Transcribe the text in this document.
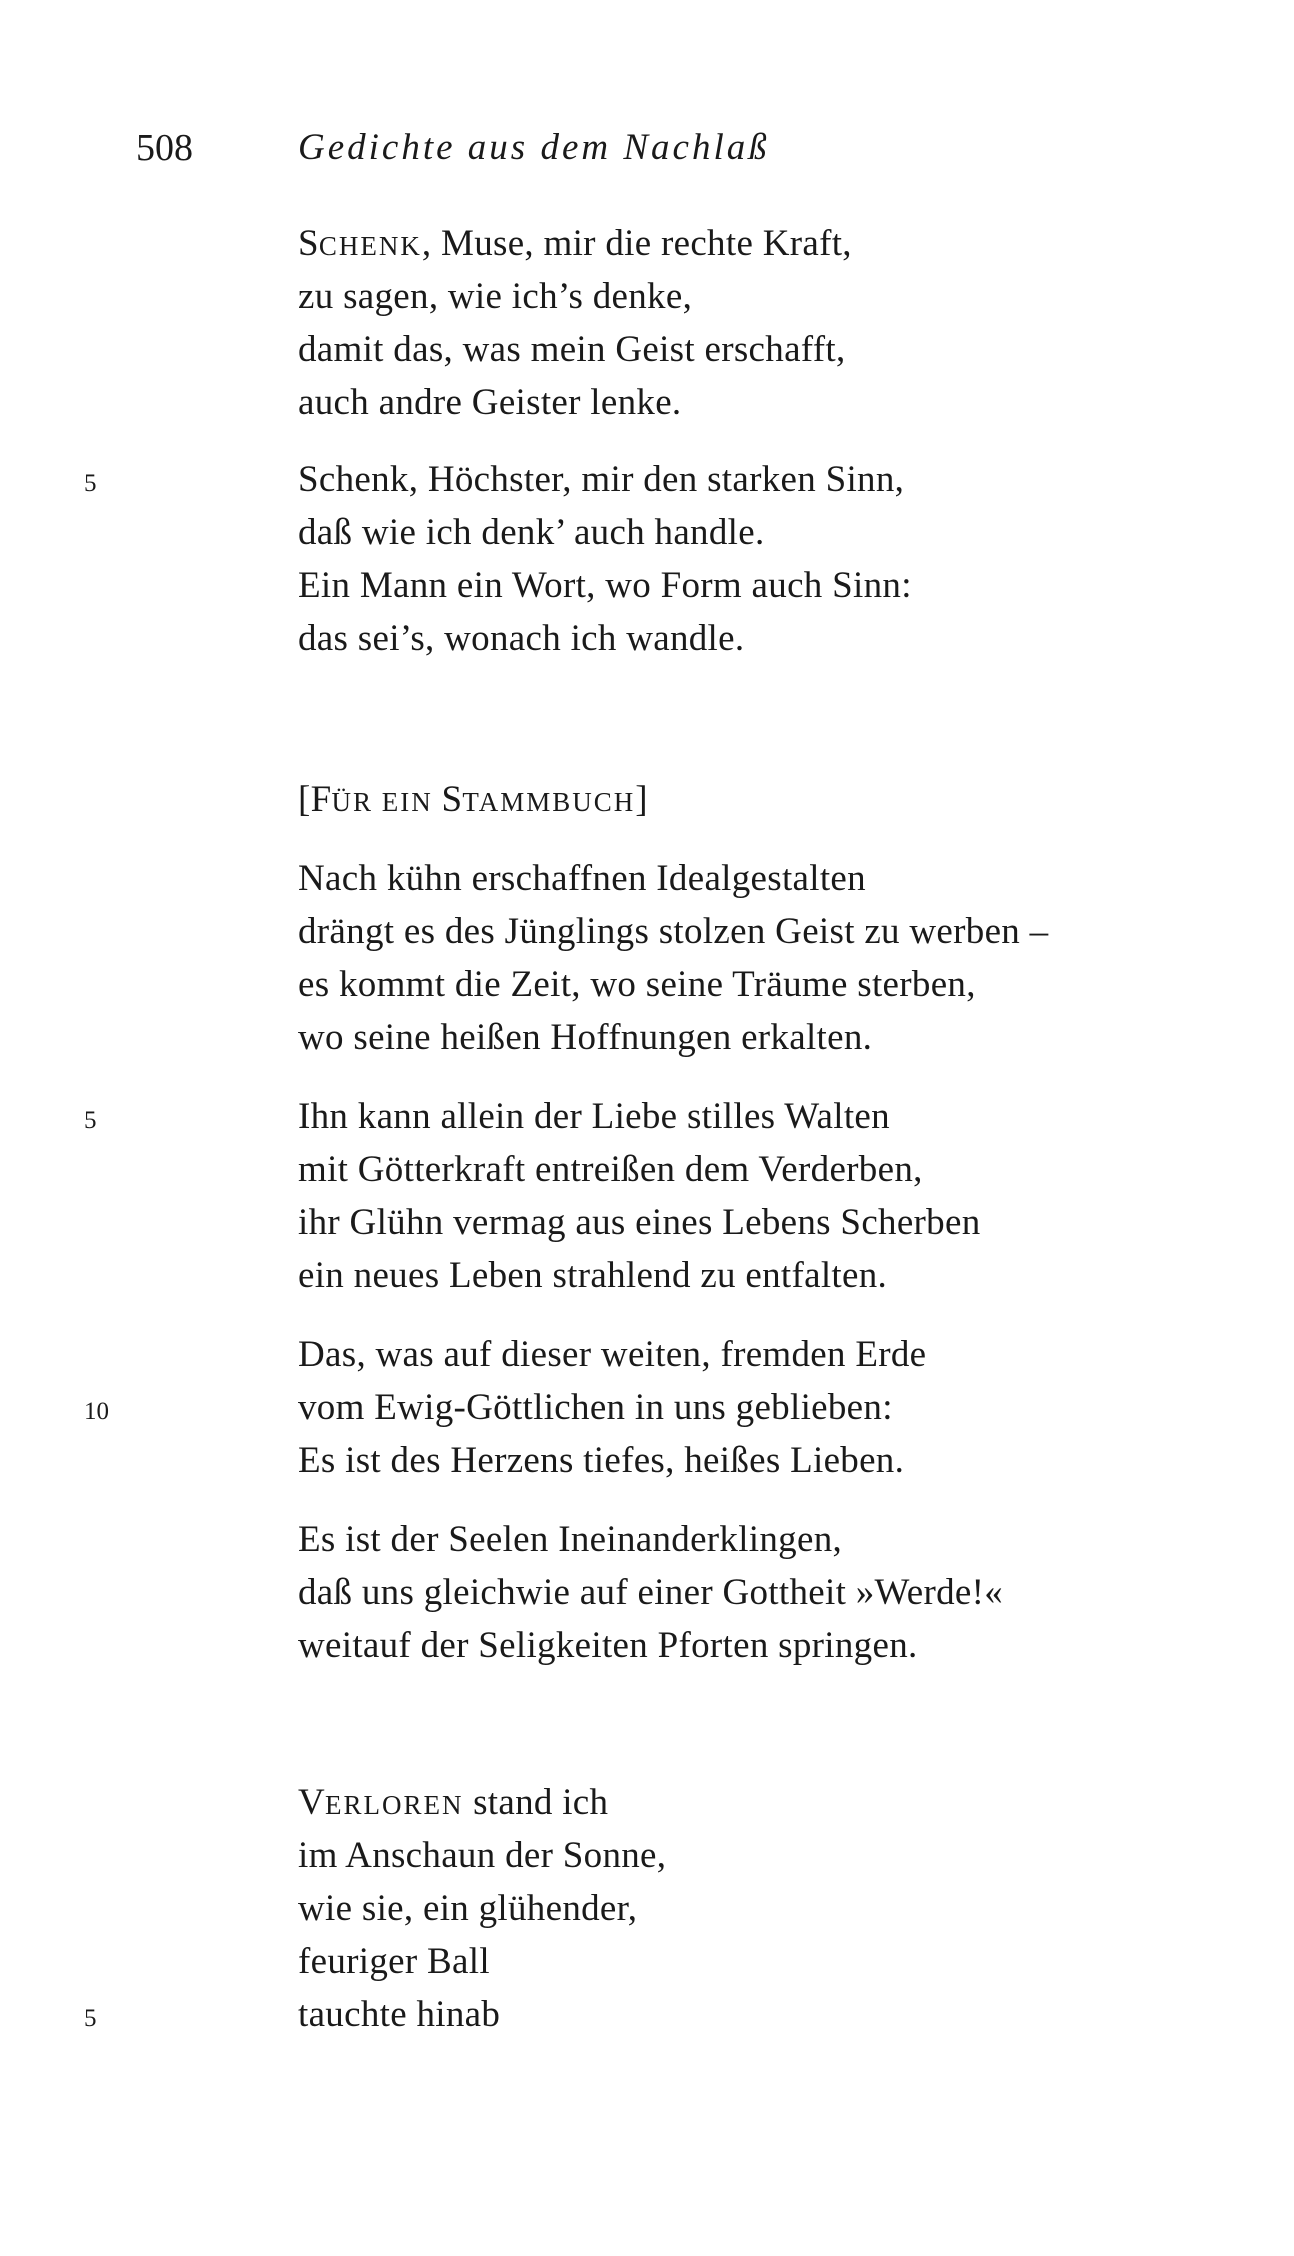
508	Gedichte aus dem Nachlaß
SCHENK, Muse, mir die rechte Kraft,
zu sagen, wie ich’s denke,
damit das, was mein Geist erschafft,
auch andre Geister lenke.
5	Schenk, Höchster, mir den starken Sinn,
daß wie ich denk’ auch handle.
Ein Mann ein Wort, wo Form auch Sinn:
das sei’s, wonach ich wandle.
[FÜR EIN STAMMBUCH]
Nach kühn erschaffnen Idealgestalten
drängt es des Jünglings stolzen Geist zu werben –
es kommt die Zeit, wo seine Träume sterben,
wo seine heißen Hoffnungen erkalten.
5	Ihn kann allein der Liebe stilles Walten
mit Götterkraft entreißen dem Verderben,
ihr Glühn vermag aus eines Lebens Scherben
ein neues Leben strahlend zu entfalten.
Das, was auf dieser weiten, fremden Erde
10	vom Ewig-Göttlichen in uns geblieben:
Es ist des Herzens tiefes, heißes Lieben.
Es ist der Seelen Ineinanderklingen,
daß uns gleichwie auf einer Gottheit »Werde!«
weitauf der Seligkeiten Pforten springen.
VERLOREN stand ich
im Anschaun der Sonne,
wie sie, ein glühender,
feuriger Ball
5	tauchte hinab
